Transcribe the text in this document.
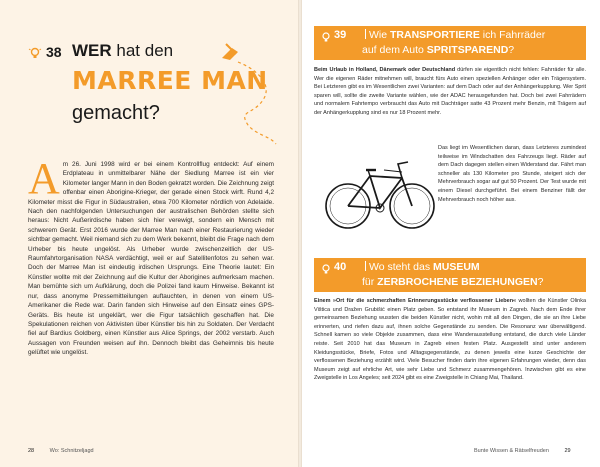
38 WER hat den
MARREE MAN
gemacht?
Am 26. Juni 1998 wird er bei einem Kontrollflug entdeckt: Auf einem Erdplateau in unmittelbarer Nähe der Siedlung Marree ist ein vier Kilometer langer Mann in den Boden gekratzt worden. Die Zeichnung zeigt offenbar einen Aborigine-Krieger, der gerade einen Stock wirft. Rund 4,2 Kilometer misst die Figur in Südaustralien, etwa 700 Kilometer nördlich von Adelaide. Nach den nachfolgenden Untersuchungen der australischen Behörden stellte sich heraus: Nicht Außerirdische haben sich hier verewigt, sondern ein Mensch mit schwerem Gerät. Erst 2016 wurde der Marree Man nach einer Restaurierung wieder sichtbar gemacht. Weil niemand sich zu dem Werk bekennt, bleibt die Frage nach dem Urheber bis heute ungelöst. Als Urheber wurde zwischenzeitlich der US-Raumfahrtorganisation NASA verdächtigt, weil er auf Satellitenfotos zu sehen war. Doch der Marree Man ist eindeutig irdischen Ursprungs. Eine Theorie lautet: Ein Künstler wollte mit der Zeichnung auf die Kultur der Aborigines aufmerksam machen. Man bemühte sich um Aufklärung, doch die Polizei fand kaum Hinweise. Bekannt ist nur, dass anonyme Pressemitteilungen auftauchten, in denen von einem US-Amerikaner die Rede war. Darin fanden sich Hinweise auf den Einsatz eines GPS-Geräts. Bis heute ist ungeklärt, wer die Figur tatsächlich geschaffen hat. Die Spekulationen reichen von Aktivisten über Künstler bis hin zu Soldaten. Der Verdacht fiel auf Bardius Goldberg, einen Künstler aus Alice Springs, der 2002 verstarb. Auch Aussagen von Freunden weisen auf ihn. Dennoch bleibt das Geheimnis bis heute gelüftet wie ungelöst.
28	Wo: Schnitzeljagd
39	Wie TRANSPORTIERE ich Fahrräder
auf dem Auto SPRITSPAREND?
Beim Urlaub in Holland, Dänemark oder Deutschland dürfen sie eigentlich nicht fehlen: Fahrräder für alle. Wer die eigenen Räder mitnehmen will, braucht fürs Auto einen speziellen Anhänger oder ein Trägersystem. Bei Letzteren gibt es im Wesentlichen zwei Varianten: auf dem Dach oder auf der Anhängerkupplung. Wer Sprit sparen will, sollte die zweite Variante wählen, wie der ADAC herausgefunden hat. Doch bei zwei Fahrrädern und normalem Fahrtempo verbraucht das Auto mit Dachträger satte 43 Prozent mehr Benzin, mit Trägern auf der Anhängerkupplung sind es nur 18 Prozent mehr.
Das liegt im Wesentlichen daran, dass Letzteres zumindest teilweise im Windschatten des Fahrzeugs liegt. Räder auf dem Dach dagegen stellen einen Widerstand dar. Fährt man schneller als 130 Kilometer pro Stunde, steigert sich der Mehrverbrauch sogar auf gut 50 Prozent. Der Test wurde mit einem Diesel durchgeführt. Bei einem Benziner fällt der Mehrverbrauch noch höher aus.
40	Wo steht das MUSEUM
für ZERBROCHENE BEZIEHUNGEN?
Einem »Ort für die schmerzhaften Erinnerungsstücke verflossener Lieben« wollten die Künstler Olinka Vištica und Dražen Grubišić einen Platz geben. So entstand ihr Museum in Zagreb. Nach dem Ende ihrer gemeinsamen Beziehung wussten die beiden Künstler nicht, wohin mit all den Dingen, die sie an ihre Liebe erinnerten, und riefen dazu auf, ihnen solche Gegenstände zu senden. Die Resonanz war überwältigend. Schnell kamen so viele Objekte zusammen, dass eine Wanderausstellung entstand, die durch viele Länder reiste. Seit 2010 hat das Museum in Zagreb einen festen Platz. Ausgestellt sind unter anderem Kleidungsstücke, Briefe, Fotos und Alltagsgegenstände, zu denen jeweils eine kurze Geschichte der verflossenen Beziehung erzählt wird. Viele Besucher finden darin ihre eigenen Erfahrungen wieder, denn das Museum zeigt auf ehrliche Art, wie sehr Liebe und Schmerz zusammengehören. Inzwischen gibt es eine Zweigstelle in Los Angeles; seit 2024 gibt es eine Zweigstelle in Chiang Mai, Thailand.
Bunte Wissen & Rätselfreuden	29
